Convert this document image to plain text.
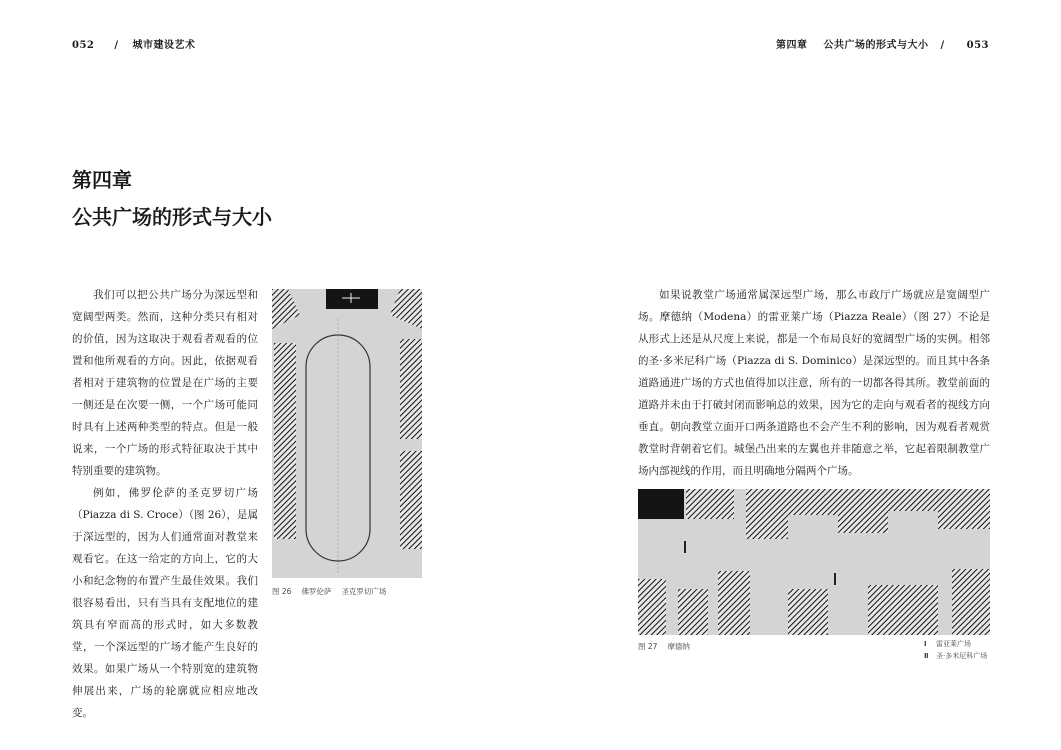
052 / 城市建设艺术	第四章 公共广场的形式与大小 / 053
第四章
公共广场的形式与大小

我们可以把公共广场分为深远型和宽阔型两类。然而，这种分类只有相对的价值，因为这取决于观看者观看的位置和他所观看的方向。因此，依据观看者相对于建筑物的位置是在广场的主要一侧还是在次要一侧，一个广场可能同时具有上述两种类型的特点。但是一般说来，一个广场的形式特征取决于其中特别重要的建筑物。

例如，佛罗伦萨的圣克罗切广场（Piazza di S. Croce）（图 26），是属于深远型的，因为人们通常面对教堂来观看它。在这一给定的方向上，它的大小和纪念物的布置产生最佳效果。我们很容易看出，只有当具有支配地位的建筑具有窄而高的形式时，如大多数教堂，一个深远型的广场才能产生良好的效果。如果广场从一个特别宽的建筑物伸展出来，广场的轮廓就应相应地改变。

如果说教堂广场通常属深远型广场，那么市政厅广场就应是宽阔型广场。摩德纳（Modena）的雷亚莱广场（Piazza Reale）（图 27）不论是从形式上还是从尺度上来说，都是一个布局良好的宽阔型广场的实例。相邻的圣·多米尼科广场（Piazza di S. Dominico）是深远型的。而且其中各条道路通进广场的方式也值得加以注意，所有的一切都各得其所。教堂前面的道路并未由于打破封闭而影响总的效果，因为它的走向与观看者的视线方向垂直。朝向教堂立面开口两条道路也不会产生不利的影响，因为观看者观赏教堂时背朝着它们。城堡凸出来的左翼也并非随意之举，它起着限制教堂广场内部视线的作用，而且明确地分隔两个广场。

图 26 佛罗伦萨 圣克罗切广场
图 27 摩德纳	Ⅰ 雷亚莱广场
Ⅱ 圣·多米尼科广场
